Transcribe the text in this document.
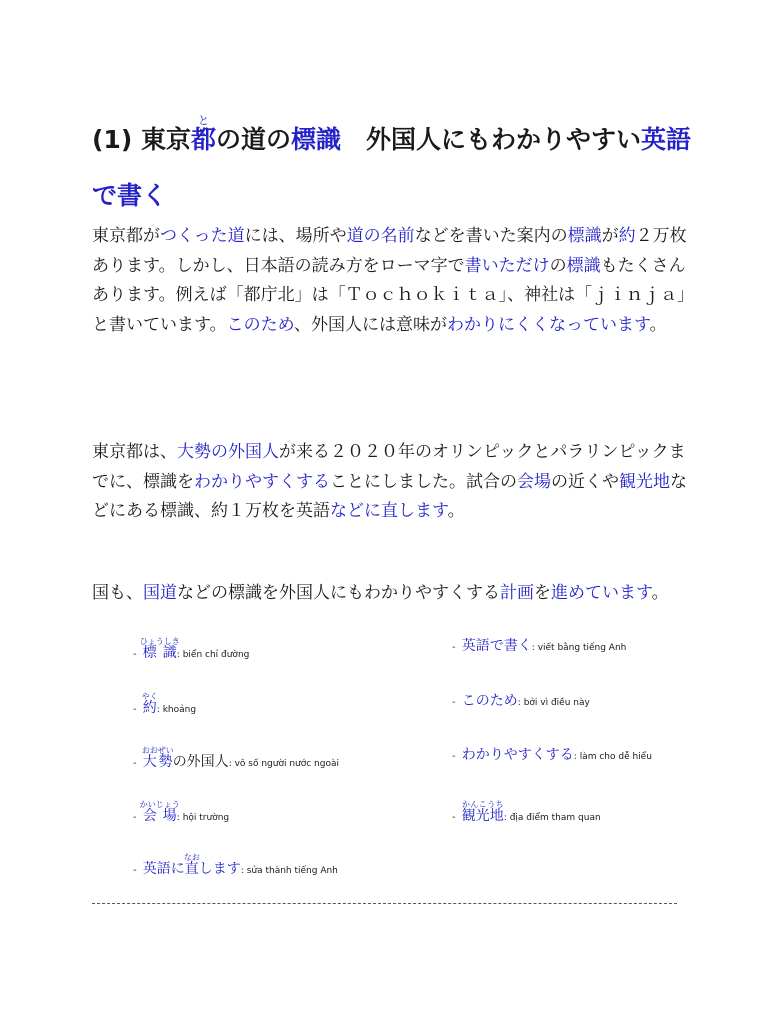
(1) 東京都との道の標識　外国人にもわかりやすい英語で書く

東京都がつくった道には、場所や道の名前などを書いた案内の標識が約２万枚あります。しかし、日本語の読み方をローマ字で書いただけの標識もたくさんあります。例えば「都庁北」は「Ｔｏｃｈｏｋｉｔａ」、神社は「ｊｉｎｊａ」と書いています。このため、外国人には意味がわかりにくくなっています。

東京都は、大勢の外国人が来る２０２０年のオリンピックとパラリンピックまでに、標識をわかりやすくすることにしました。試合の会場の近くや観光地などにある標識、約１万枚を英語などに直します。

国も、国道などの標識を外国人にもわかりやすくする計画を進めています。

- 標識ひょうしき: biển chỉ đường
- 約やく: khoảng
- 大勢おおぜいの外国人: vô số người nước ngoài
- 会場かいじょう: hội trường
- 英語に直なおします: sửa thành tiếng Anh
- 英語で書く: viết bằng tiếng Anh
- このため: bởi vì điều này
- わかりやすくする: làm cho dễ hiểu
- 観光地かんこうち: địa điểm tham quan
